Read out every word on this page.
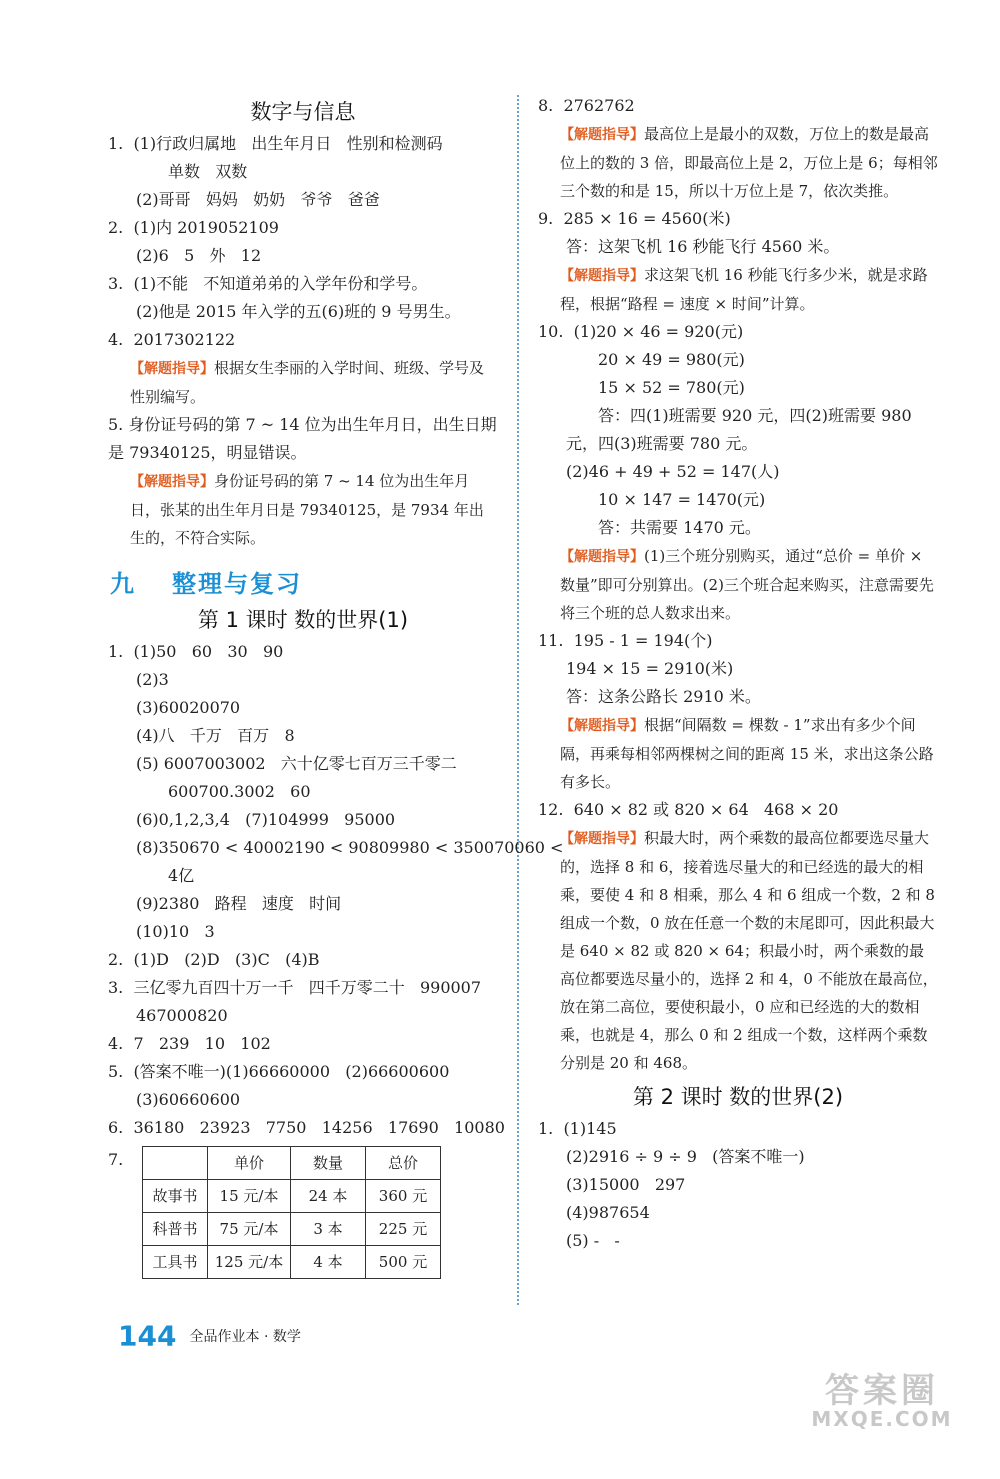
数字与信息
1.  (1)行政归属地   出生年月日   性别和检测码
单数   双数
(2)哥哥   妈妈   奶奶   爷爷   爸爸
2.  (1)内 2019052109
(2)6   5   外   12
3.  (1)不能   不知道弟弟的入学年份和学号。
(2)他是 2015 年入学的五(6)班的 9 号男生。
4.  2017302122
【解题指导】根据女生李丽的入学时间、班级、学号及性别编写。
5. 身份证号码的第 7 ~ 14 位为出生年月日，出生日期是 79340125，明显错误。
【解题指导】身份证号码的第 7 ~ 14 位为出生年月日，张某的出生年月日是 79340125，是 7934 年出生的，不符合实际。
九 整理与复习
第 1 课时 数的世界(1)
1.  (1)50   60   30   90
(2)3
(3)60020070
(4)八   千万   百万   8
(5) 6007003002   六十亿零七百万三千零二
600700.3002   60
(6)0,1,2,3,4   (7)104999   95000
(8)350670 < 40002190 < 90809980 < 350070060 <
4亿
(9)2380   路程   速度   时间
(10)10   3
2.  (1)D   (2)D   (3)C   (4)B
3.  三亿零九百四十万一千   四千万零二十   990007
467000820
4.  7   239   10   102
5.  (答案不唯一)(1)66660000   (2)66600600
(3)60660600
6.  36180   23923   7750   14256   17690   10080
7.
		单价	数量	总价
故事书	15 元/本	24 本	360 元
科普书	75 元/本	3 本	225 元
工具书	125 元/本	4 本	500 元
8.  2762762
【解题指导】最高位上是最小的双数，万位上的数是最高位上的数的 3 倍，即最高位上是 2，万位上是 6；每相邻三个数的和是 15，所以十万位上是 7，依次类推。
9.  285 × 16 = 4560(米)
答：这架飞机 16 秒能飞行 4560 米。
【解题指导】求这架飞机 16 秒能飞行多少米，就是求路程，根据“路程 = 速度 × 时间”计算。
10.  (1)20 × 46 = 920(元)
20 × 49 = 980(元)
15 × 52 = 780(元)
答：四(1)班需要 920 元，四(2)班需要 980
元，四(3)班需要 780 元。
(2)46 + 49 + 52 = 147(人)
10 × 147 = 1470(元)
答：共需要 1470 元。
【解题指导】(1)三个班分别购买，通过“总价 = 单价 × 数量”即可分别算出。(2)三个班合起来购买，注意需要先将三个班的总人数求出来。
11.  195 - 1 = 194(个)
194 × 15 = 2910(米)
答：这条公路长 2910 米。
【解题指导】根据“间隔数 = 棵数 - 1”求出有多少个间隔，再乘每相邻两棵树之间的距离 15 米，求出这条公路有多长。
12.  640 × 82 或 820 × 64   468 × 20
【解题指导】积最大时，两个乘数的最高位都要选尽量大的，选择 8 和 6，接着选尽量大的和已经选的最大的相乘，要使 4 和 8 相乘，那么 4 和 6 组成一个数，2 和 8 组成一个数，0 放在任意一个数的末尾即可，因此积最大是 640 × 82 或 820 × 64；积最小时，两个乘数的最高位都要选尽量小的，选择 2 和 4，0 不能放在最高位，放在第二高位，要使积最小，0 应和已经选的大的数相乘，也就是 4，那么 0 和 2 组成一个数，这样两个乘数分别是 20 和 468。
第 2 课时 数的世界(2)
1.  (1)145
(2)2916 ÷ 9 ÷ 9   (答案不唯一)
(3)15000   297
(4)987654
(5) -   -
144 全品作业本 · 数学
答案圈
MXQE.COM
